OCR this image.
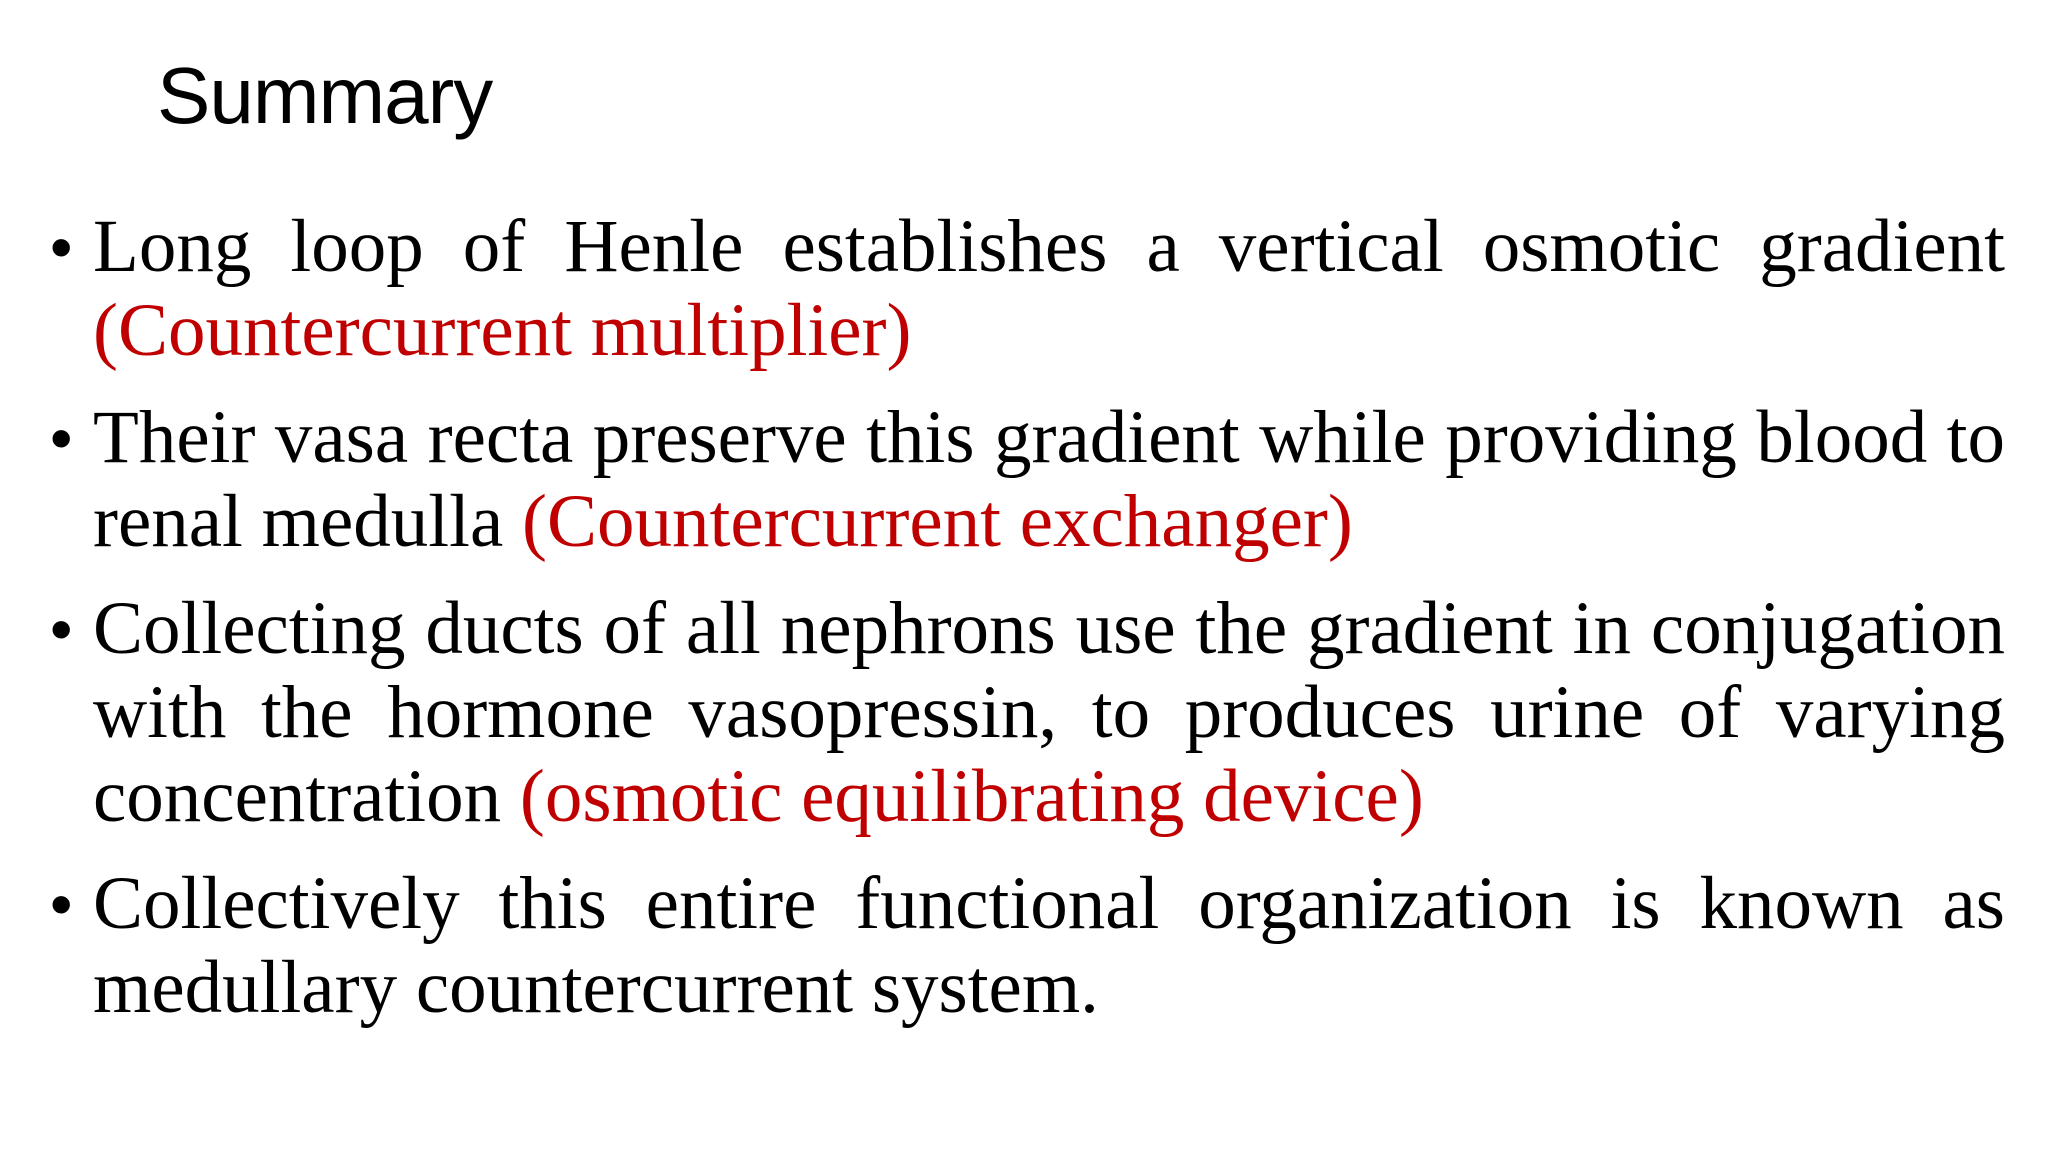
Summary
• Long loop of Henle establishes a vertical osmotic gradient (Countercurrent multiplier)
• Their vasa recta preserve this gradient while providing blood to renal medulla (Countercurrent exchanger)
• Collecting ducts of all nephrons use the gradient in conjugation with the hormone vasopressin, to produces urine of varying concentration (osmotic equilibrating device)
• Collectively this entire functional organization is known as medullary countercurrent system.
